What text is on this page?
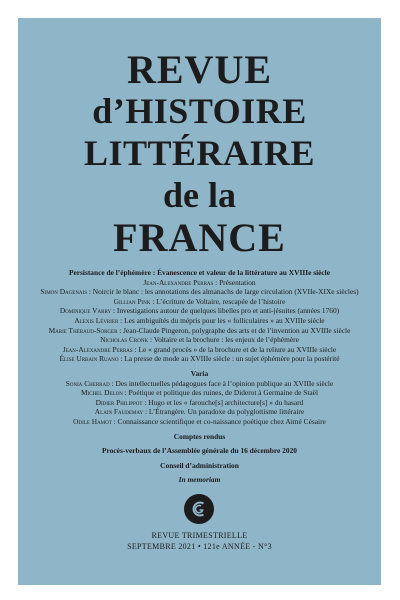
REVUE
d’HISTOIRE
LITTÉRAIRE
de la
FRANCE
Persistance de l’éphémère : Évanescence et valeur de la littérature au XVIIIe siècle
Jean-Alexandre Perras : Présentation
Simon Dagenais : Noircir le blanc : les annotations des almanachs de large circulation (XVIIe-XIXe siècles)
Gillian Pink : L’écriture de Voltaire, rescapée de l’histoire
Dominique Varry : Investigations autour de quelques libelles pro et anti-jésuites (années 1760)
Alexis Lévrier : Les ambiguïtés du mépris pour les « folliculaires » au XVIIIe siècle
Marie Thébaud-Sorger : Jean-Claude Pingeron, polygraphe des arts et de l’invention au XVIIIe siècle
Nicholas Cronk : Voltaire et la brochure : les enjeux de l’éphémère
Jean-Alexandre Perras : Le « grand procès » de la brochure et de la reliure au XVIIIe siècle
Élise Urbain Ruano : La presse de mode au XVIIIe siècle : un sujet éphémère pour la postérité
Varia
Sonia Cherrad : Des intellectuelles pédagogues face à l’opinion publique au XVIIIe siècle
Michel Delon : Poétique et politique des ruines, de Diderot à Germaine de Staël
Didier Philippot : Hugo et les « farouche[s] architecture[s] » du hasard
Alain Faudemay : L’Étrangère. Un paradoxe du polyglottisme littéraire
Odile Hamot : Connaissance scientifique et co-naissance poétique chez Aimé Césaire
Comptes rendus
Procès-verbaux de l’Assemblée générale du 16 décembre 2020
Conseil d’administration
In memoriam
REVUE TRIMESTRIELLE
SEPTEMBRE 2021 • 121e ANNÉE - N°3
